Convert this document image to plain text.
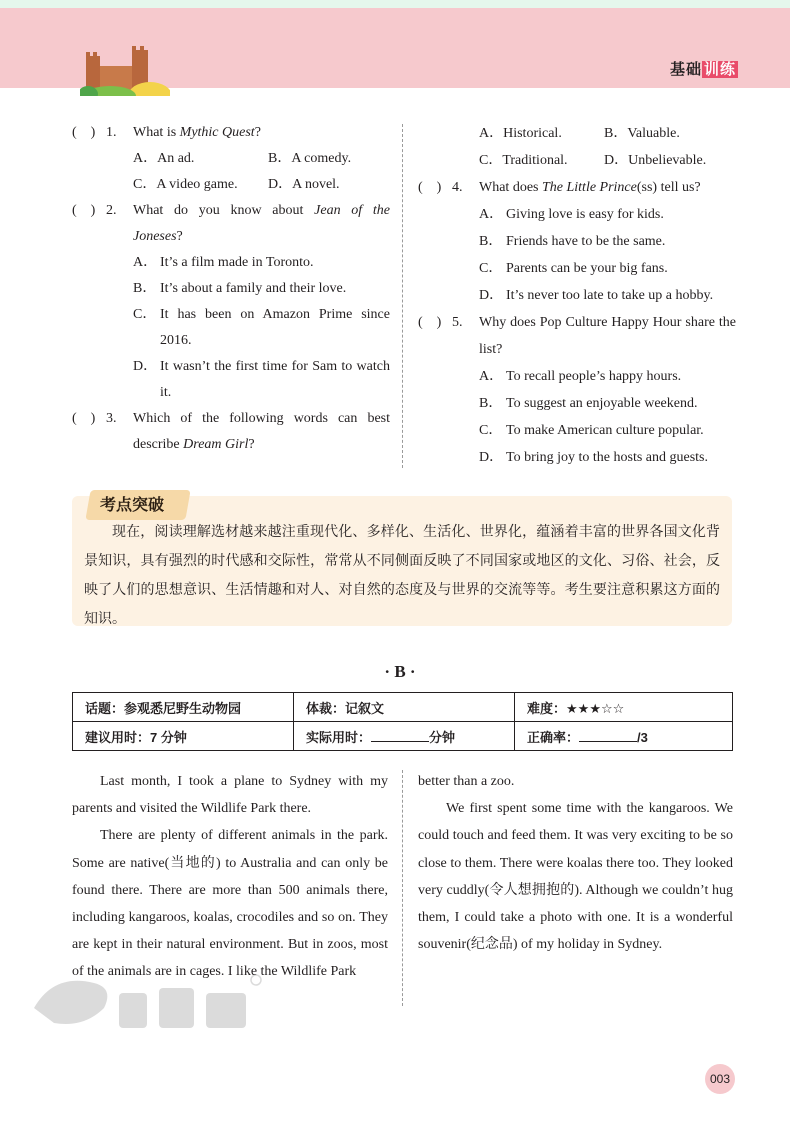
基础 训练
(　) 1. What is Mythic Quest?
A．An ad.	B．A comedy.
C．A video game. D．A novel.
(　) 2. What do you know about Jean of the Joneses?
A． It’s a film made in Toronto.
B． It’s about a family and their love.
C． It has been on Amazon Prime since 2016.
D． It wasn’t the first time for Sam to watch it.
(　) 3. Which of the following words can best describe Dream Girl?
A．Historical.	B．Valuable.
C．Traditional.	D．Unbelievable.
(　) 4. What does The Little Prince(ss) tell us?
A． Giving love is easy for kids.
B． Friends have to be the same.
C． Parents can be your big fans.
D． It’s never too late to take up a hobby.
(　) 5. Why does Pop Culture Happy Hour share the list?
A． To recall people’s happy hours.
B． To suggest an enjoyable weekend.
C． To make American culture popular.
D． To bring joy to the hosts and guests.
考点突破
现在，阅读理解选材越来越注重现代化、多样化、生活化、世界化，蕴涵着丰富的世界各国文化背景知识，具有强烈的时代感和交际性，常常从不同侧面反映了不同国家或地区的文化、习俗、社会，反映了人们的思想意识、生活情趣和对人、对自然的态度及与世界的交流等等。考生要注意积累这方面的知识。
· B ·
话题：参观悉尼野生动物园	体裁：记叙文	难度：★★★☆☆
建议用时：7 分钟	实际用时： 分钟	正确率： /3

Last month, I took a plane to Sydney with my parents and visited the Wildlife Park there.

There are plenty of different animals in the park. Some are native(当地的) to Australia and can only be found there. There are more than 500 animals there, including kangaroos, koalas, crocodiles and so on. They are kept in their natural environment. But in zoos, most of the animals are in cages. I like the Wildlife Park

better than a zoo.

We first spent some time with the kangaroos. We could touch and feed them. It was very exciting to be so close to them. There were koalas there too. They looked very cuddly(令人想拥抱的). Although we couldn’t hug them, I could take a photo with one. It is a wonderful souvenir(纪念品) of my holiday in Sydney.

003
